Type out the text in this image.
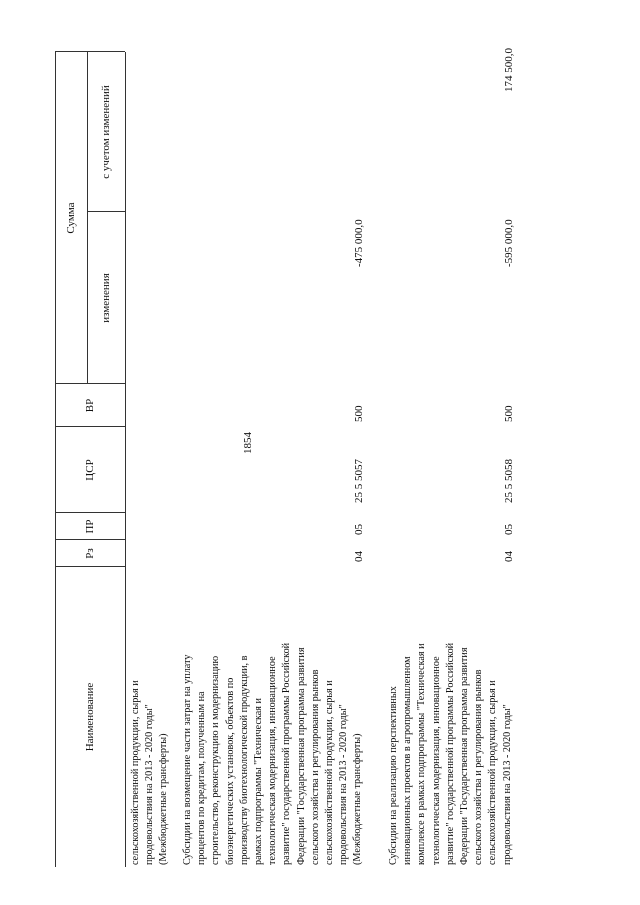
1854
Наименование
Рз
ПР
ЦСР
ВР
Сумма
изменения
с учетом изменений
сельскохозяйственной продукции, сырья и продовольствия на 2013 - 2020 годы" (Межбюджетные трансферты) Субсидии на возмещение части затрат на уплату процентов по кредитам, полученным на строительство, реконструкцию и модернизацию биоэнергетических установок, объектов по производству биотехнологической продукции, в рамках подпрограммы "Техническая и технологическая модернизация, инновационное развитие" государственной программы Российской Федерации "Государственная программа развития сельского хозяйства и регулирования рынков сельскохозяйственной продукции, сырья и продовольствия на 2013 - 2020 годы" (Межбюджетные трансферты)
04
05
25 5 5057
500
-475 000,0
Субсидии на реализацию перспективных инновационных проектов в агропромышленном комплексе в рамках подпрограммы "Техническая и технологическая модернизация, инновационное развитие" государственной программы Российской Федерации "Государственная программа развития сельского хозяйства и регулирования рынков сельскохозяйственной продукции, сырья и продовольствия на 2013 - 2020 годы"
04
05
25 5 5058
500
-595 000,0
174 500,0
